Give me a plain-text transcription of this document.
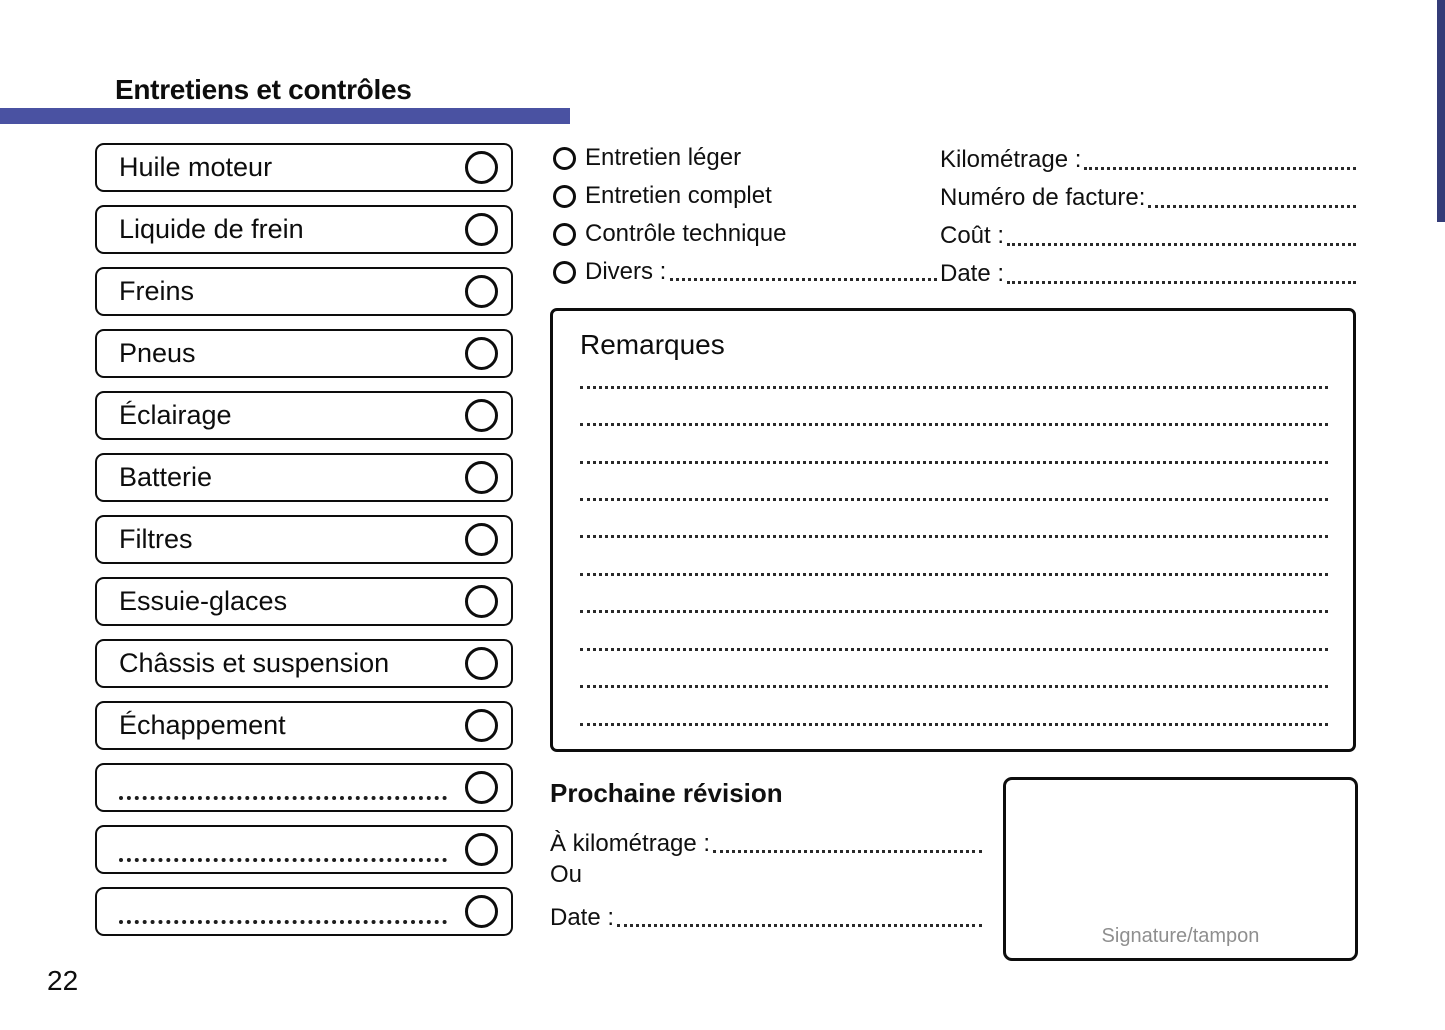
Entretiens et contrôles
Huile moteur
Liquide de frein
Freins
Pneus
Éclairage
Batterie
Filtres
Essuie-glaces
Châssis et suspension
Échappement
Entretien léger
Entretien complet
Contrôle technique
Divers :
Kilométrage :
Numéro de facture:
Coût :
Date :
Remarques
Prochaine révision
À kilométrage :
Ou
Date :
Signature/tampon
22
